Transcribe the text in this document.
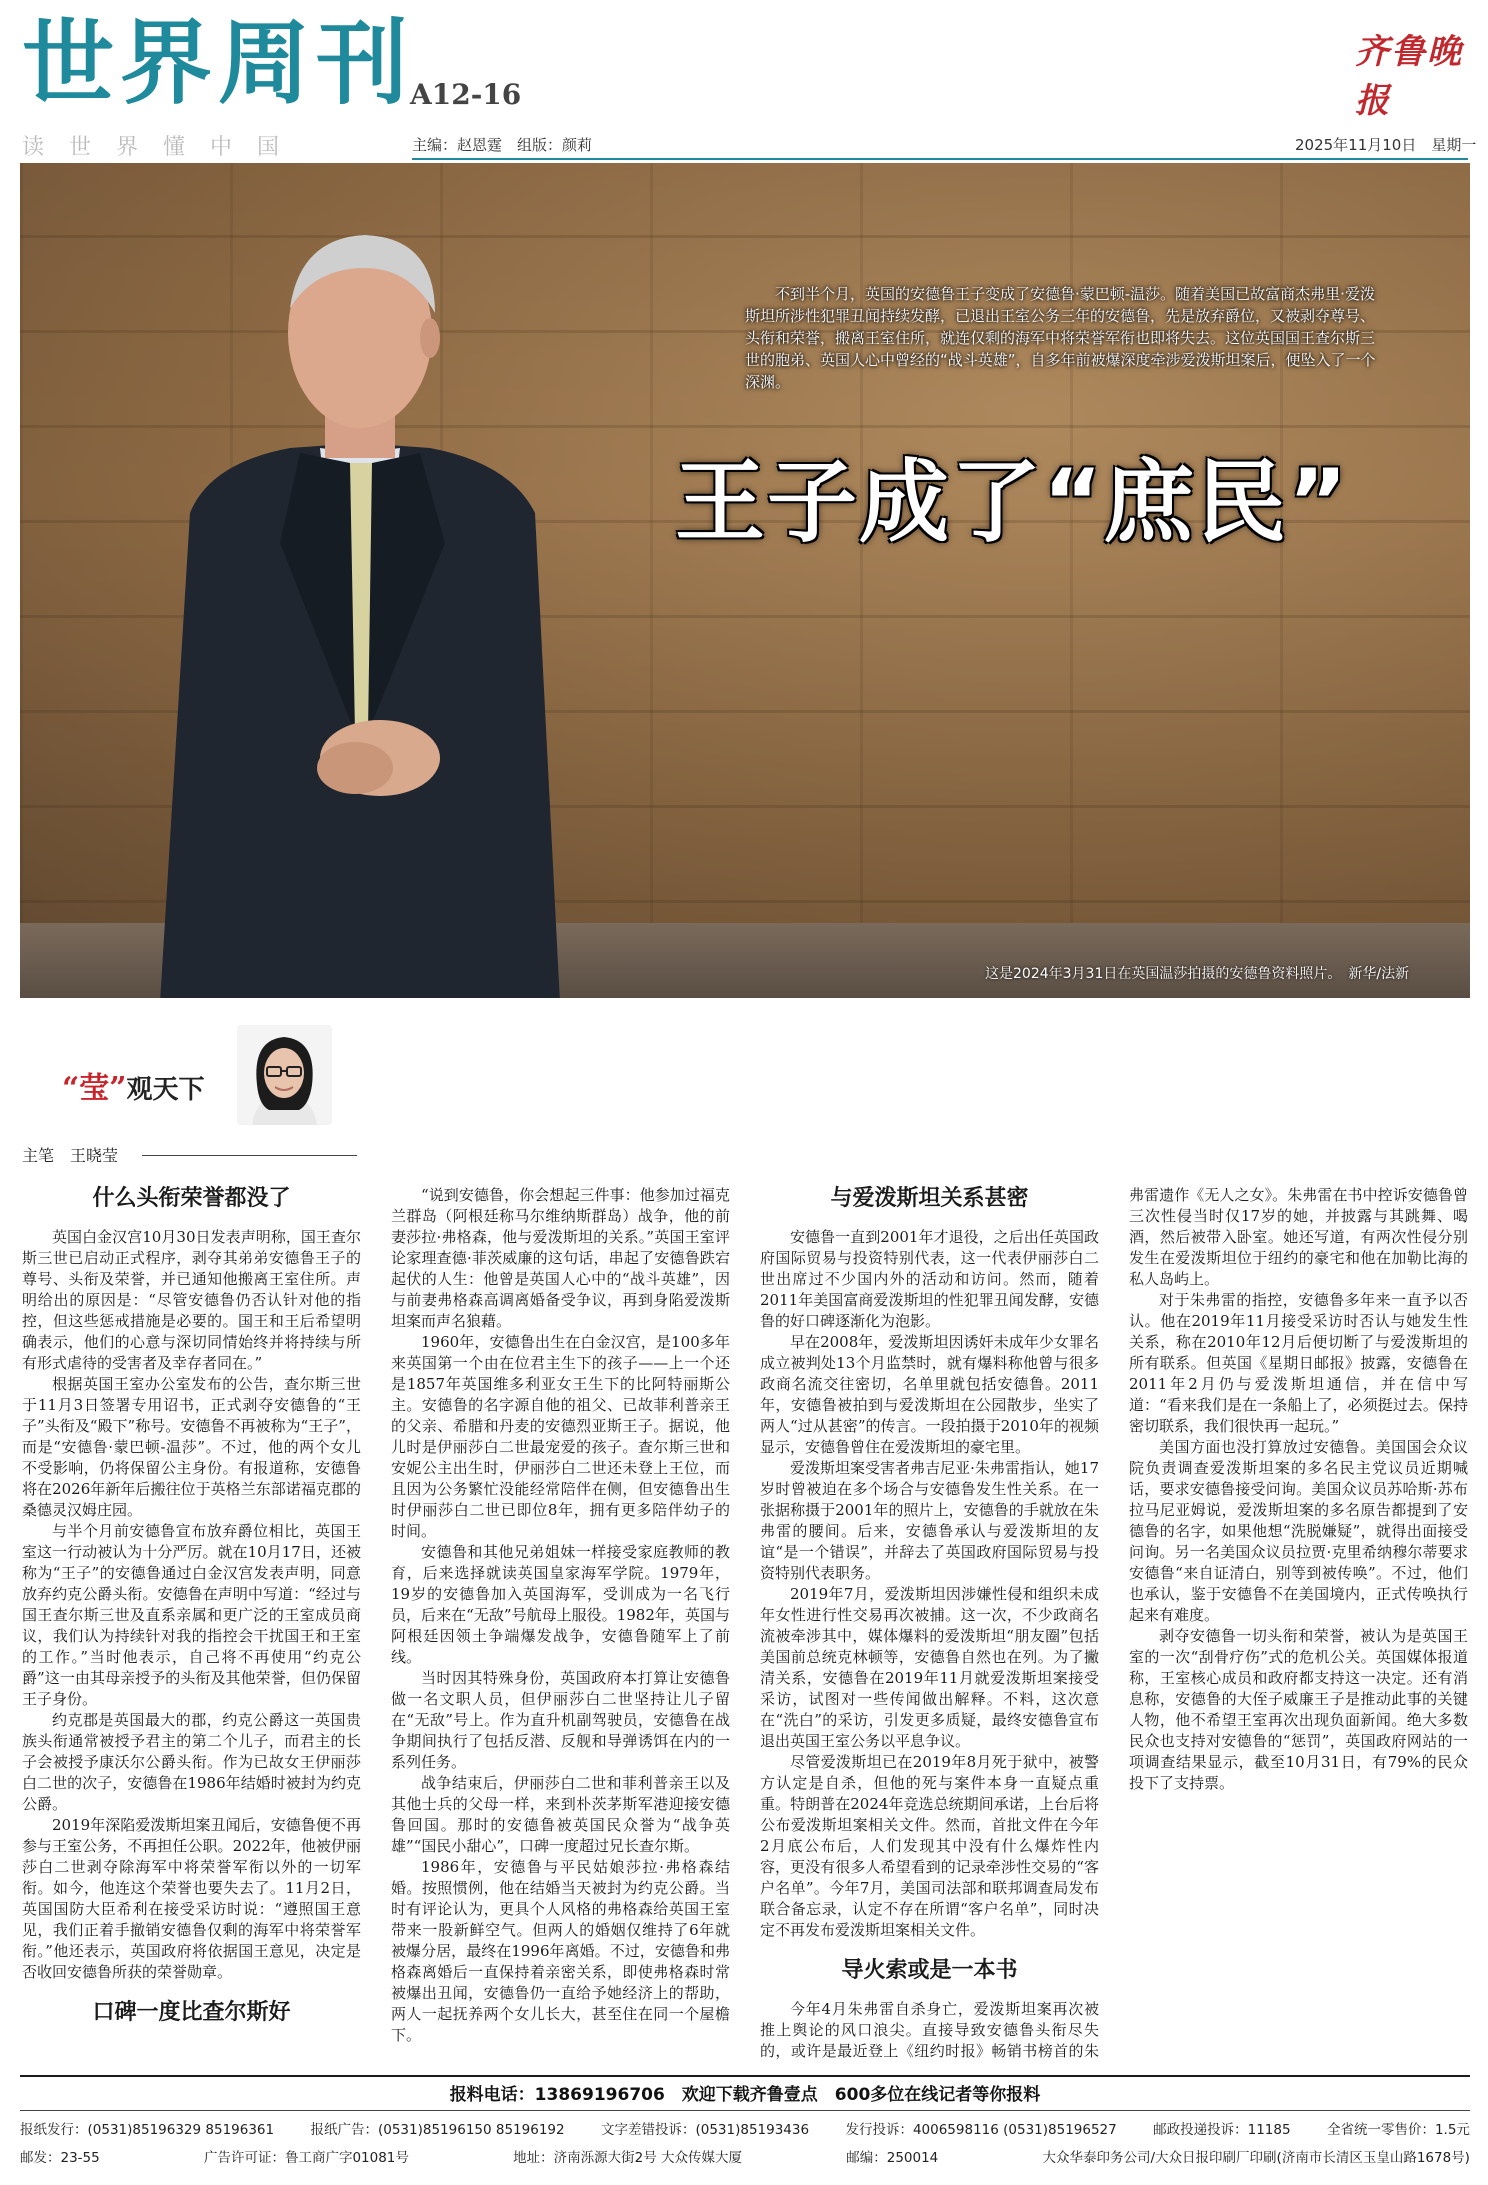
世界周刊
A12-16
读世界懂中国	主编：赵恩霆　组版：颜莉	2025年11月10日　星期一
齐鲁晚报
不到半个月，英国的安德鲁王子变成了安德鲁·蒙巴顿-温莎。随着美国已故富商杰弗里·爱泼斯坦所涉性犯罪丑闻持续发酵，已退出王室公务三年的安德鲁，先是放弃爵位，又被剥夺尊号、头衔和荣誉，搬离王室住所，就连仅剩的海军中将荣誉军衔也即将失去。这位英国国王查尔斯三世的胞弟、英国人心中曾经的“战斗英雄”，自多年前被爆深度牵涉爱泼斯坦案后，便坠入了一个深渊。
王子成了“庶民”
这是2024年3月31日在英国温莎拍摄的安德鲁资料照片。　新华/法新
“莹”观天下
主笔　王晓莹
什么头衔荣誉都没了

英国白金汉宫10月30日发表声明称，国王查尔斯三世已启动正式程序，剥夺其弟弟安德鲁王子的尊号、头衔及荣誉，并已通知他搬离王室住所。声明给出的原因是：“尽管安德鲁仍否认针对他的指控，但这些惩戒措施是必要的。国王和王后希望明确表示，他们的心意与深切同情始终并将持续与所有形式虐待的受害者及幸存者同在。”

根据英国王室办公室发布的公告，查尔斯三世于11月3日签署专用诏书，正式剥夺安德鲁的“王子”头衔及“殿下”称号。安德鲁不再被称为“王子”，而是“安德鲁·蒙巴顿-温莎”。不过，他的两个女儿不受影响，仍将保留公主身份。有报道称，安德鲁将在2026年新年后搬往位于英格兰东部诺福克郡的桑德灵汉姆庄园。

与半个月前安德鲁宣布放弃爵位相比，英国王室这一行动被认为十分严厉。就在10月17日，还被称为“王子”的安德鲁通过白金汉宫发表声明，同意放弃约克公爵头衔。安德鲁在声明中写道：“经过与国王查尔斯三世及直系亲属和更广泛的王室成员商议，我们认为持续针对我的指控会干扰国王和王室的工作。”当时他表示，自己将不再使用“约克公爵”这一由其母亲授予的头衔及其他荣誉，但仍保留王子身份。

约克郡是英国最大的郡，约克公爵这一英国贵族头衔通常被授予君主的第二个儿子，而君主的长子会被授予康沃尔公爵头衔。作为已故女王伊丽莎白二世的次子，安德鲁在1986年结婚时被封为约克公爵。

2019年深陷爱泼斯坦案丑闻后，安德鲁便不再参与王室公务，不再担任公职。2022年，他被伊丽莎白二世剥夺除海军中将荣誉军衔以外的一切军衔。如今，他连这个荣誉也要失去了。11月2日，英国国防大臣希利在接受采访时说：“遵照国王意见，我们正着手撤销安德鲁仅剩的海军中将荣誉军衔。”他还表示，英国政府将依据国王意见，决定是否收回安德鲁所获的荣誉勋章。

口碑一度比查尔斯好

“说到安德鲁，你会想起三件事：他参加过福克兰群岛（阿根廷称马尔维纳斯群岛）战争，他的前妻莎拉·弗格森，他与爱泼斯坦的关系。”英国王室评论家理查德·菲茨威廉的这句话，串起了安德鲁跌宕起伏的人生：他曾是英国人心中的“战斗英雄”，因与前妻弗格森高调离婚备受争议，再到身陷爱泼斯坦案而声名狼藉。

1960年，安德鲁出生在白金汉宫，是100多年来英国第一个由在位君主生下的孩子——上一个还是1857年英国维多利亚女王生下的比阿特丽斯公主。安德鲁的名字源自他的祖父、已故菲利普亲王的父亲、希腊和丹麦的安德烈亚斯王子。据说，他儿时是伊丽莎白二世最宠爱的孩子。查尔斯三世和安妮公主出生时，伊丽莎白二世还未登上王位，而且因为公务繁忙没能经常陪伴在侧，但安德鲁出生时伊丽莎白二世已即位8年，拥有更多陪伴幼子的时间。

安德鲁和其他兄弟姐妹一样接受家庭教师的教育，后来选择就读英国皇家海军学院。1979年，19岁的安德鲁加入英国海军，受训成为一名飞行员，后来在“无敌”号航母上服役。1982年，英国与阿根廷因领土争端爆发战争，安德鲁随军上了前线。

当时因其特殊身份，英国政府本打算让安德鲁做一名文职人员，但伊丽莎白二世坚持让儿子留在“无敌”号上。作为直升机副驾驶员，安德鲁在战争期间执行了包括反潜、反舰和导弹诱饵在内的一系列任务。

战争结束后，伊丽莎白二世和菲利普亲王以及其他士兵的父母一样，来到朴茨茅斯军港迎接安德鲁回国。那时的安德鲁被英国民众誉为“战争英雄”“国民小甜心”，口碑一度超过兄长查尔斯。

1986年，安德鲁与平民姑娘莎拉·弗格森结婚。按照惯例，他在结婚当天被封为约克公爵。当时有评论认为，更具个人风格的弗格森给英国王室带来一股新鲜空气。但两人的婚姻仅维持了6年就被爆分居，最终在1996年离婚。不过，安德鲁和弗格森离婚后一直保持着亲密关系，即使弗格森时常被爆出丑闻，安德鲁仍一直给予她经济上的帮助，两人一起抚养两个女儿长大，甚至住在同一个屋檐下。

与爱泼斯坦关系甚密

安德鲁一直到2001年才退役，之后出任英国政府国际贸易与投资特别代表，这一代表伊丽莎白二世出席过不少国内外的活动和访问。然而，随着2011年美国富商爱泼斯坦的性犯罪丑闻发酵，安德鲁的好口碑逐渐化为泡影。

早在2008年，爱泼斯坦因诱奸未成年少女罪名成立被判处13个月监禁时，就有爆料称他曾与很多政商名流交往密切，名单里就包括安德鲁。2011年，安德鲁被拍到与爱泼斯坦在公园散步，坐实了两人“过从甚密”的传言。一段拍摄于2010年的视频显示，安德鲁曾住在爱泼斯坦的豪宅里。

爱泼斯坦案受害者弗吉尼亚·朱弗雷指认，她17岁时曾被迫在多个场合与安德鲁发生性关系。在一张据称摄于2001年的照片上，安德鲁的手就放在朱弗雷的腰间。后来，安德鲁承认与爱泼斯坦的友谊“是一个错误”，并辞去了英国政府国际贸易与投资特别代表职务。

2019年7月，爱泼斯坦因涉嫌性侵和组织未成年女性进行性交易再次被捕。这一次，不少政商名流被牵涉其中，媒体爆料的爱泼斯坦“朋友圈”包括美国前总统克林顿等，安德鲁自然也在列。为了撇清关系，安德鲁在2019年11月就爱泼斯坦案接受采访，试图对一些传闻做出解释。不料，这次意在“洗白”的采访，引发更多质疑，最终安德鲁宣布退出英国王室公务以平息争议。

尽管爱泼斯坦已在2019年8月死于狱中，被警方认定是自杀，但他的死与案件本身一直疑点重重。特朗普在2024年竞选总统期间承诺，上台后将公布爱泼斯坦案相关文件。然而，首批文件在今年2月底公布后，人们发现其中没有什么爆炸性内容，更没有很多人希望看到的记录牵涉性交易的“客户名单”。今年7月，美国司法部和联邦调查局发布联合备忘录，认定不存在所谓“客户名单”，同时决定不再发布爱泼斯坦案相关文件。

导火索或是一本书

今年4月朱弗雷自杀身亡，爱泼斯坦案再次被推上舆论的风口浪尖。直接导致安德鲁头衔尽失的，或许是最近登上《纽约时报》畅销书榜首的朱弗雷遗作《无人之女》。朱弗雷在书中控诉安德鲁曾三次性侵当时仅17岁的她，并披露与其跳舞、喝酒，然后被带入卧室。她还写道，有两次性侵分别发生在爱泼斯坦位于纽约的豪宅和他在加勒比海的私人岛屿上。

对于朱弗雷的指控，安德鲁多年来一直予以否认。他在2019年11月接受采访时否认与她发生性关系，称在2010年12月后便切断了与爱泼斯坦的所有联系。但英国《星期日邮报》披露，安德鲁在2011年2月仍与爱泼斯坦通信，并在信中写道：“看来我们是在一条船上了，必须挺过去。保持密切联系，我们很快再一起玩。”

美国方面也没打算放过安德鲁。美国国会众议院负责调查爱泼斯坦案的多名民主党议员近期喊话，要求安德鲁接受问询。美国众议员苏哈斯·苏布拉马尼亚姆说，爱泼斯坦案的多名原告都提到了安德鲁的名字，如果他想“洗脱嫌疑”，就得出面接受问询。另一名美国众议员拉贾·克里希纳穆尔蒂要求安德鲁“来自证清白，别等到被传唤”。不过，他们也承认，鉴于安德鲁不在美国境内，正式传唤执行起来有难度。

剥夺安德鲁一切头衔和荣誉，被认为是英国王室的一次“刮骨疗伤”式的危机公关。英国媒体报道称，王室核心成员和政府都支持这一决定。还有消息称，安德鲁的大侄子威廉王子是推动此事的关键人物，他不希望王室再次出现负面新闻。绝大多数民众也支持对安德鲁的“惩罚”，英国政府网站的一项调查结果显示，截至10月31日，有79%的民众投下了支持票。

报料电话：13869196706　欢迎下载齐鲁壹点　600多位在线记者等你报料
报纸发行：(0531)85196329 85196361	报纸广告：(0531)85196150 85196192	文字差错投诉：(0531)85193436	发行投诉：4006598116 (0531)85196527	邮政投递投诉：11185	全省统一零售价：1.5元
邮发：23-55	广告许可证：鲁工商广字01081号	地址：济南泺源大街2号 大众传媒大厦	邮编：250014	大众华泰印务公司/大众日报印刷厂印刷(济南市长清区玉皇山路1678号)
